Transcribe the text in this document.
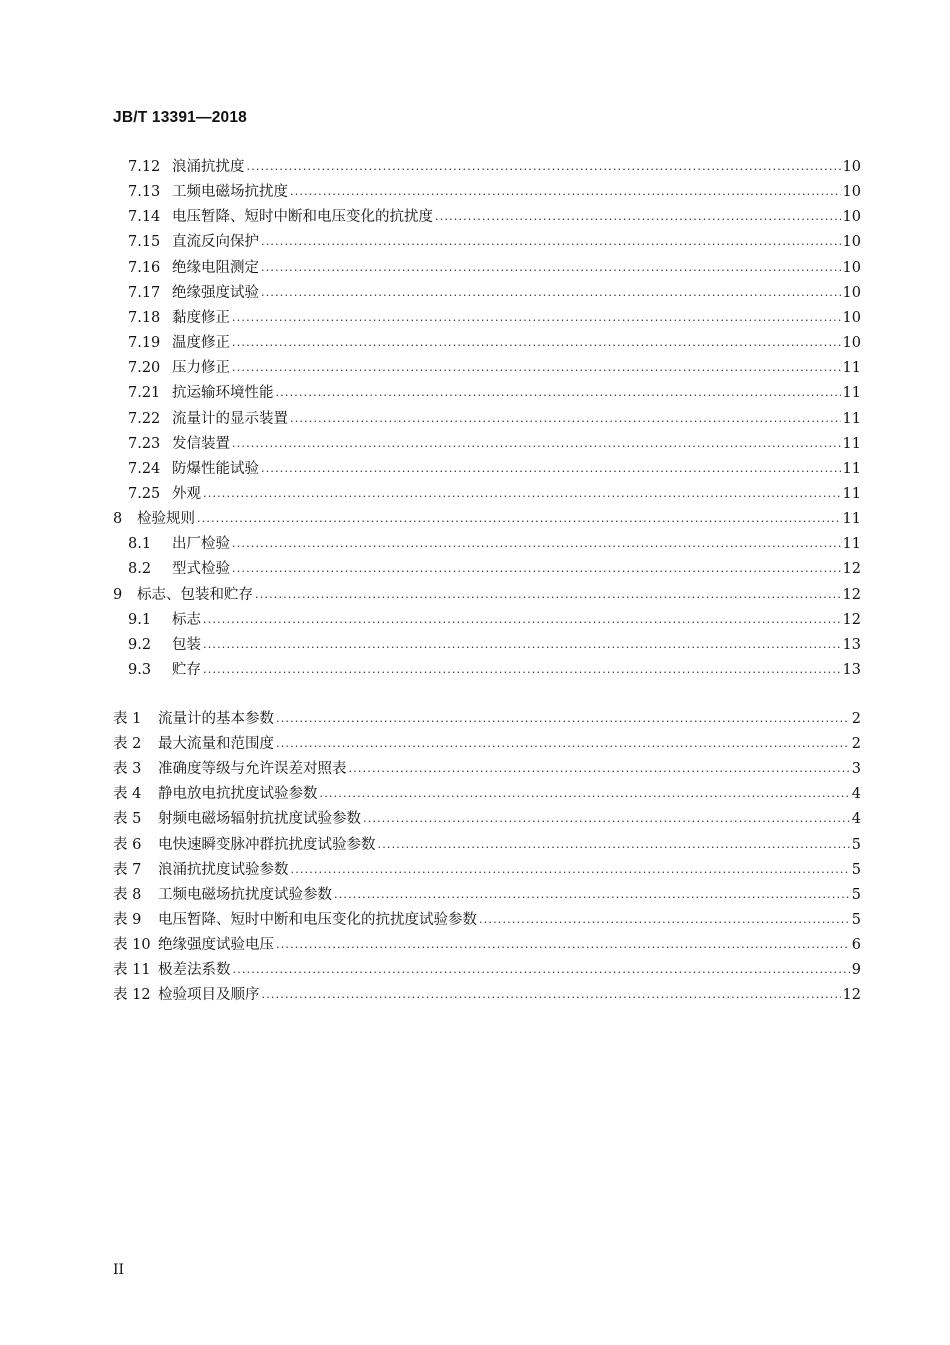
JB/T 13391—2018
7.12 浪涌抗扰度 .....	10
7.13 工频电磁场抗扰度 .....	10
7.14 电压暂降、短时中断和电压变化的抗扰度 .....	10
7.15 直流反向保护 .....	10
7.16 绝缘电阻测定 .....	10
7.17 绝缘强度试验 .....	10
7.18 黏度修正 .....	10
7.19 温度修正 .....	10
7.20 压力修正 .....	11
7.21 抗运输环境性能 .....	11
7.22 流量计的显示装置 .....	11
7.23 发信装置 .....	11
7.24 防爆性能试验 .....	11
7.25 外观 .....	11
8	检验规则 .....	11
8.1	出厂检验 .....	11
8.2	型式检验 .....	12
9	标志、包装和贮存 .....	12
9.1	标志 .....	12
9.2	包装 .....	13
9.3	贮存 .....	13
表 1	流量计的基本参数 .....	2
表 2	最大流量和范围度 .....	2
表 3	准确度等级与允许误差对照表 .....	3
表 4	静电放电抗扰度试验参数 .....	4
表 5	射频电磁场辐射抗扰度试验参数 .....	4
表 6	电快速瞬变脉冲群抗扰度试验参数 .....	5
表 7	浪涌抗扰度试验参数 .....	5
表 8	工频电磁场抗扰度试验参数 .....	5
表 9	电压暂降、短时中断和电压变化的抗扰度试验参数 .....	5
表 10 绝缘强度试验电压 .....	6
表 11 极差法系数 .....	9
表 12 检验项目及顺序 .....	12
II
